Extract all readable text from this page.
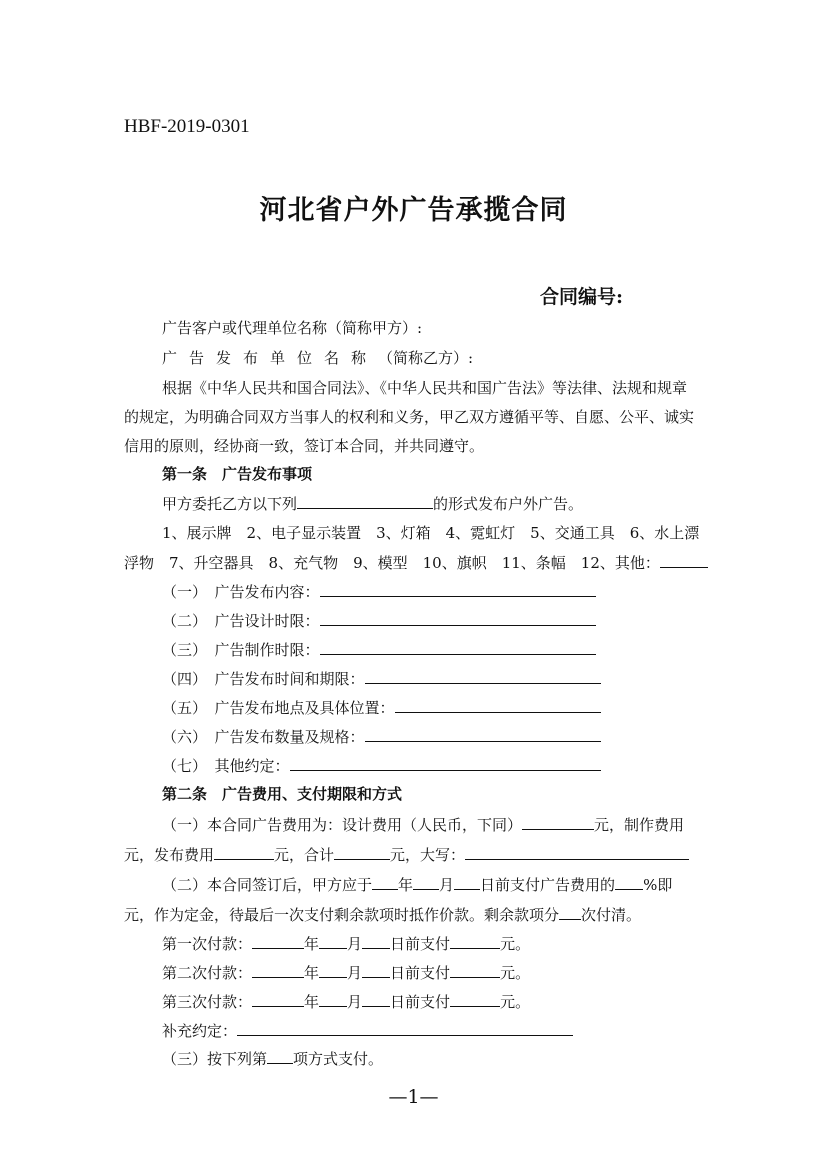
HBF-2019-0301
河北省户外广告承揽合同
合同编号:
广告客户或代理单位名称（简称甲方）:
广告发布单位名称（简称乙方）:
根据《中华人民共和国合同法》、《中华人民共和国广告法》等法律、法规和规章
的规定，为明确合同双方当事人的权利和义务，甲乙双方遵循平等、自愿、公平、诚实
信用的原则，经协商一致，签订本合同，并共同遵守。
第一条　广告发布事项
甲方委托乙方以下列	的形式发布户外广告。
1、展示牌　2、电子显示装置　3、灯箱　4、霓虹灯　5、交通工具　6、水上漂
浮物　7、升空器具　8、充气物　9、模型　10、旗帜　11、条幅　12、其他：
（一）　 广告发布内容：
（二）　 广告设计时限：
（三）　 广告制作时限：
（四）　 广告发布时间和期限：
（五）　 广告发布地点及具体位置：
（六）　 广告发布数量及规格：
（七）　 其他约定：
第二条　广告费用、支付期限和方式
（一）本合同广告费用为：设计费用（人民币，下同）	元，制作费用
元，发布费用	元，合计	元，大写：
（二）本合同签订后，甲方应于 年 月 日前支付广告费用的 %即
元，作为定金，待最后一次支付剩余款项时抵作价款。剩余款项分 次付清。
第一次付款：	年 月 日前支付	元。
第二次付款：	年 月 日前支付	元。
第三次付款：	年 月 日前支付	元。
补充约定：
（三）按下列第 项方式支付。
—1—
